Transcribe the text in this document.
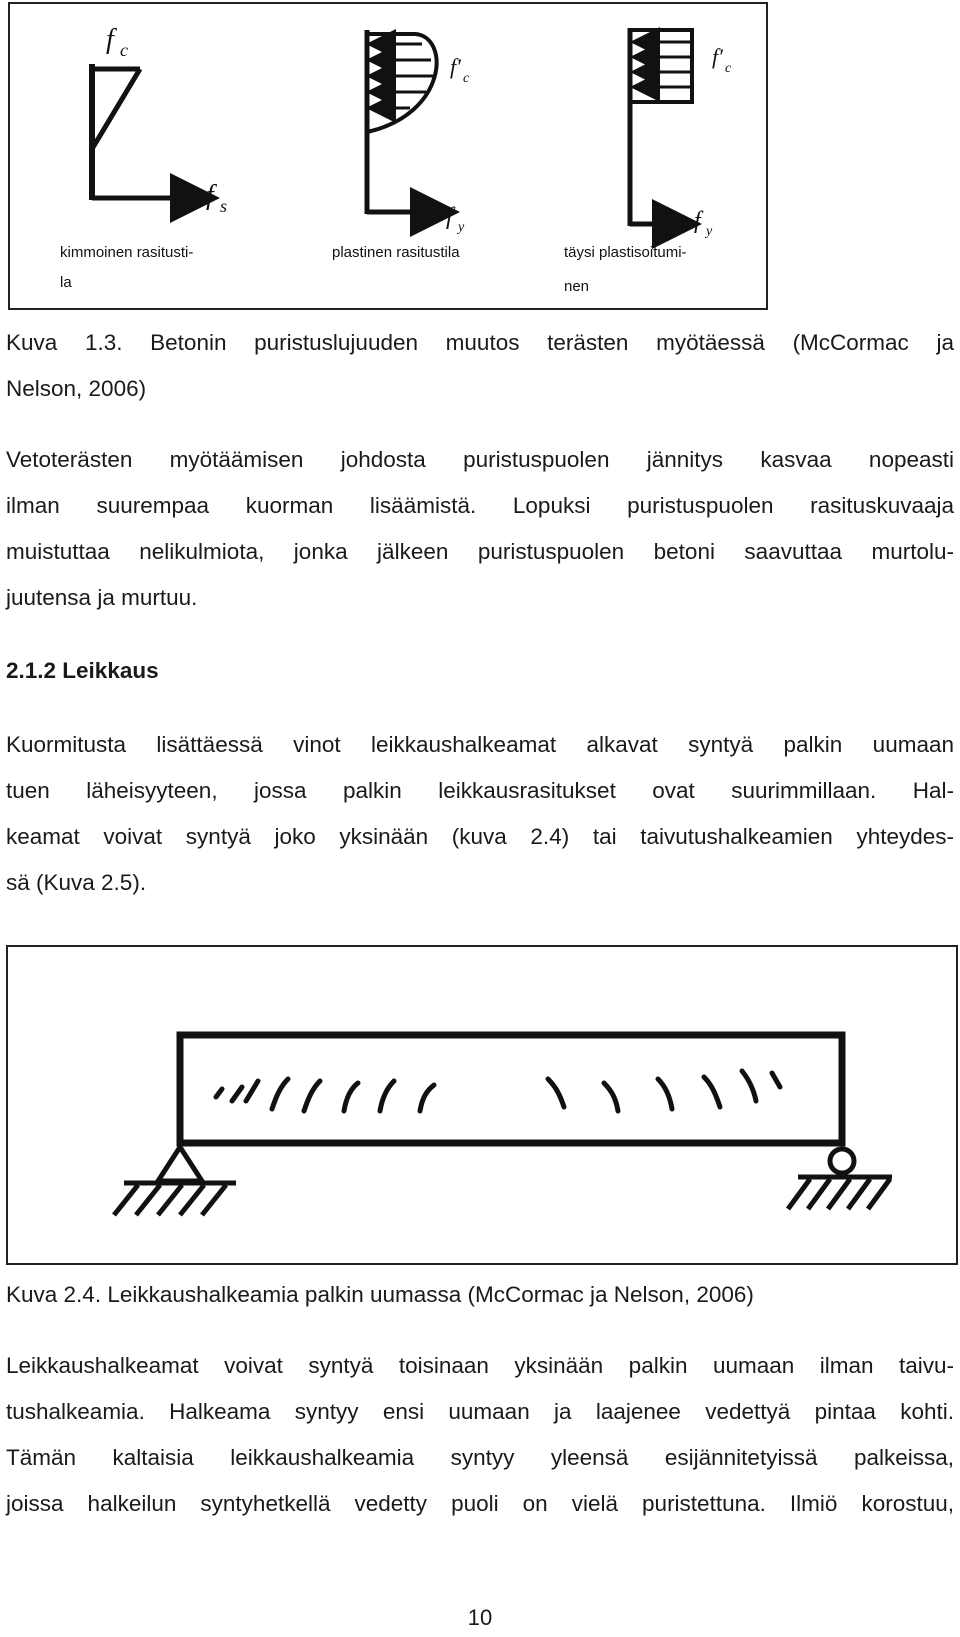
f c
f s
f′ c
f y
f′ c
f y
kimmoinen rasitusti-
la
plastinen rasitustila	täysi plastisoitumi-
nen

Kuva 1.3. Betonin puristuslujuuden muutos terästen myötäessä (McCormac ja

Nelson, 2006)

Vetoterästen myötäämisen johdosta puristuspuolen jännitys kasvaa nopeasti

ilman suurempaa kuorman lisäämistä. Lopuksi puristuspuolen rasituskuvaaja

muistuttaa nelikulmiota, jonka jälkeen puristuspuolen betoni saavuttaa murtolu-

juutensa ja murtuu.

2.1.2 Leikkaus

Kuormitusta lisättäessä vinot leikkaushalkeamat alkavat syntyä palkin uumaan

tuen läheisyyteen, jossa palkin leikkausrasitukset ovat suurimmillaan. Hal-

keamat voivat syntyä joko yksinään (kuva 2.4) tai taivutushalkeamien yhteydes-

sä (Kuva 2.5).

Kuva 2.4. Leikkaushalkeamia palkin uumassa (McCormac ja Nelson, 2006)

Leikkaushalkeamat voivat syntyä toisinaan yksinään palkin uumaan ilman taivu-

tushalkeamia. Halkeama syntyy ensi uumaan ja laajenee vedettyä pintaa kohti.

Tämän kaltaisia leikkaushalkeamia syntyy yleensä esijännitetyissä palkeissa,

joissa halkeilun syntyhetkellä vedetty puoli on vielä puristettuna. Ilmiö korostuu,

10
